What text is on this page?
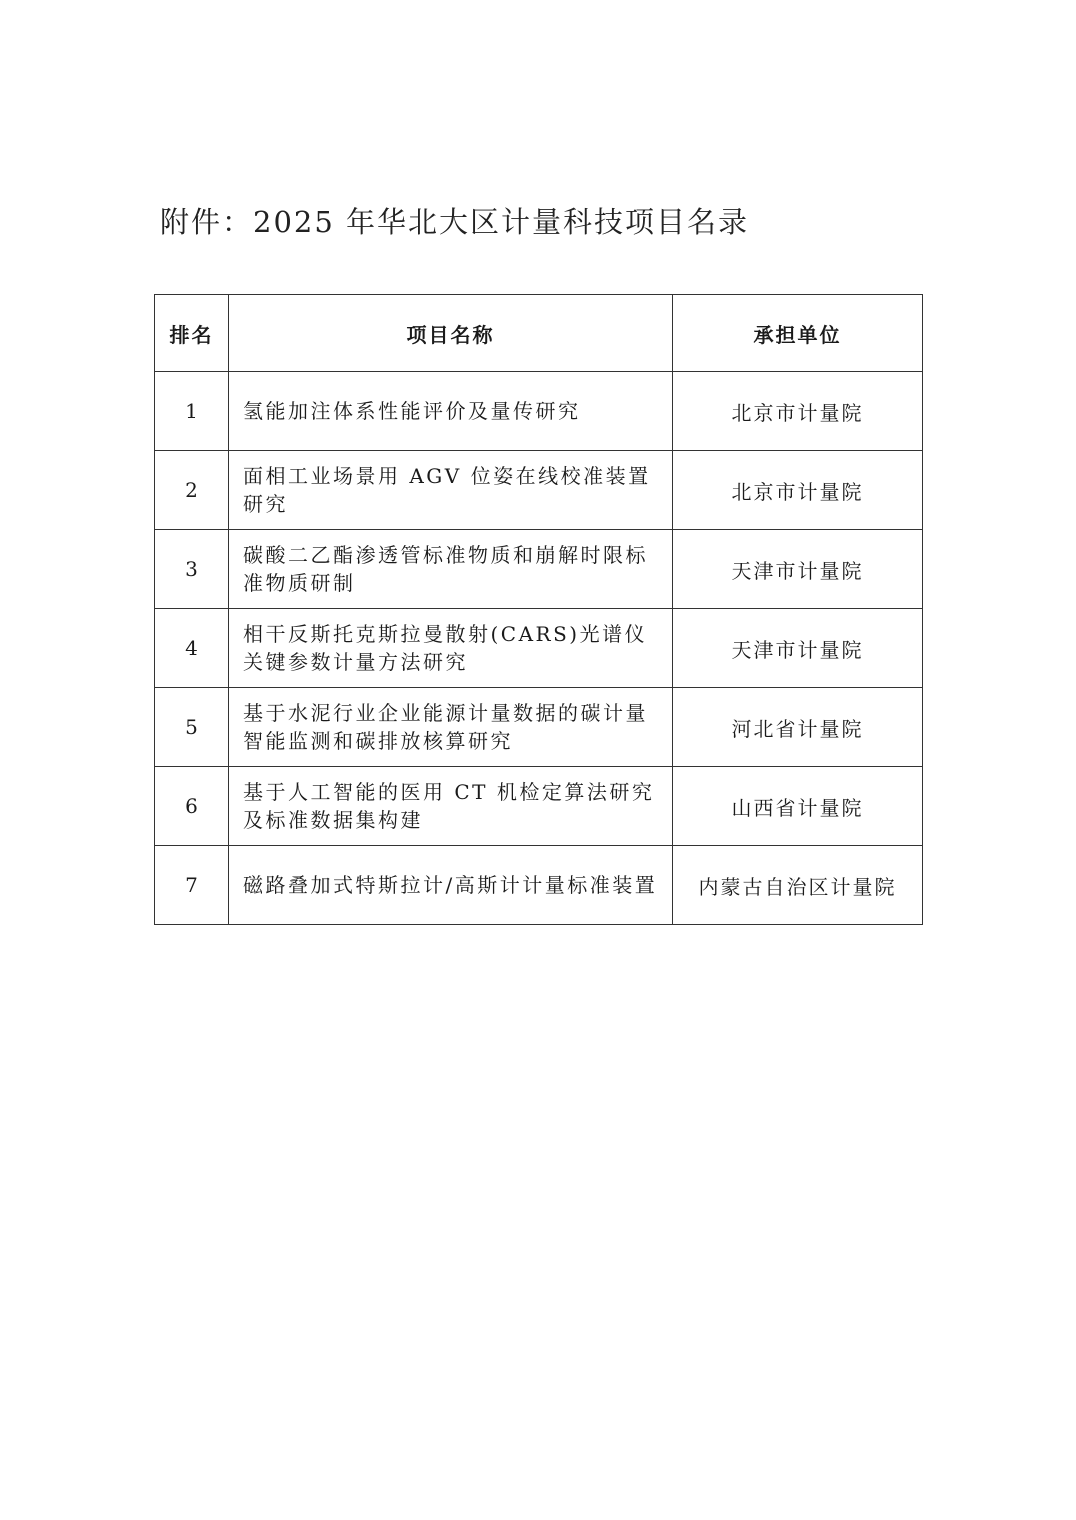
附件：2025 年华北大区计量科技项目名录
排名	项目名称	承担单位
1	氢能加注体系性能评价及量传研究	北京市计量院
2	面相工业场景用 AGV 位姿在线校准装置研究	北京市计量院
3	碳酸二乙酯渗透管标准物质和崩解时限标准物质研制	天津市计量院
4	相干反斯托克斯拉曼散射(CARS)光谱仪关键参数计量方法研究	天津市计量院
5	基于水泥行业企业能源计量数据的碳计量智能监测和碳排放核算研究	河北省计量院
6	基于人工智能的医用 CT 机检定算法研究及标准数据集构建	山西省计量院
7	磁路叠加式特斯拉计/高斯计计量标准装置	内蒙古自治区计量院
